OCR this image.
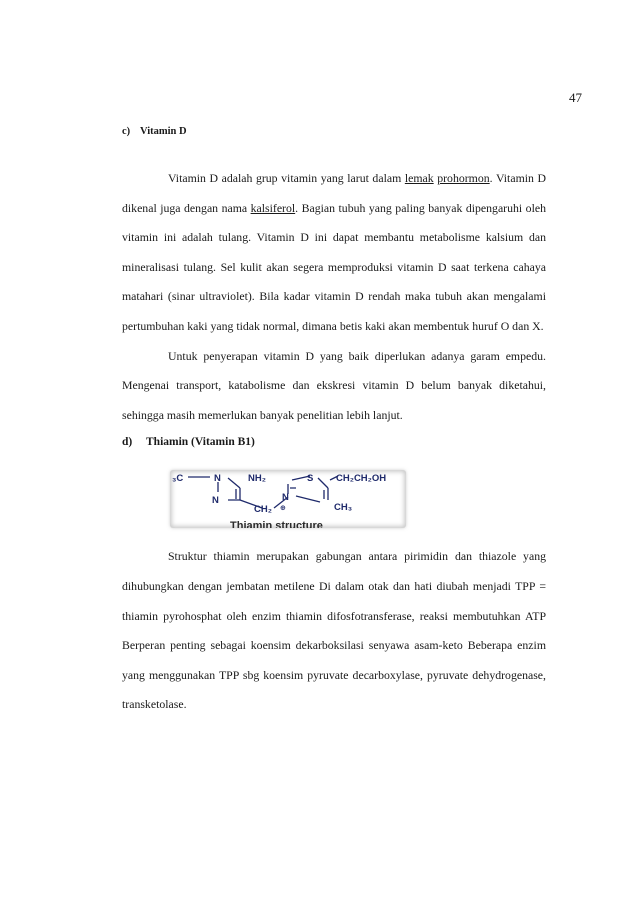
47
c) Vitamin D

Vitamin D adalah grup vitamin yang larut dalam lemak prohormon. Vitamin D dikenal juga dengan nama kalsiferol. Bagian tubuh yang paling banyak dipengaruhi oleh vitamin ini adalah tulang. Vitamin D ini dapat membantu metabolisme kalsium dan mineralisasi tulang. Sel kulit akan segera memproduksi vitamin D saat terkena cahaya matahari (sinar ultraviolet). Bila kadar vitamin D rendah maka tubuh akan mengalami pertumbuhan kaki yang tidak normal, dimana betis kaki akan membentuk huruf O dan X.

Untuk penyerapan vitamin D yang baik diperlukan adanya garam empedu. Mengenai transport, katabolisme dan ekskresi vitamin D belum banyak diketahui, sehingga masih memerlukan banyak penelitian lebih lanjut.

d) Thiamin (Vitamin B1)
₃C	N	NH₂
N	N
⊕
CH₂
S CH₂CH₂OH
CH₃
Thiamin structure

Struktur thiamin merupakan gabungan antara pirimidin dan thiazole yang dihubungkan dengan jembatan metilene Di dalam otak dan hati diubah menjadi TPP = thiamin pyrohosphat oleh enzim thiamin difosfotransferase, reaksi membutuhkan ATP Berperan penting sebagai koensim dekarboksilasi senyawa asam-keto Beberapa enzim yang menggunakan TPP sbg koensim pyruvate decarboxylase, pyruvate dehydrogenase, transketolase.
